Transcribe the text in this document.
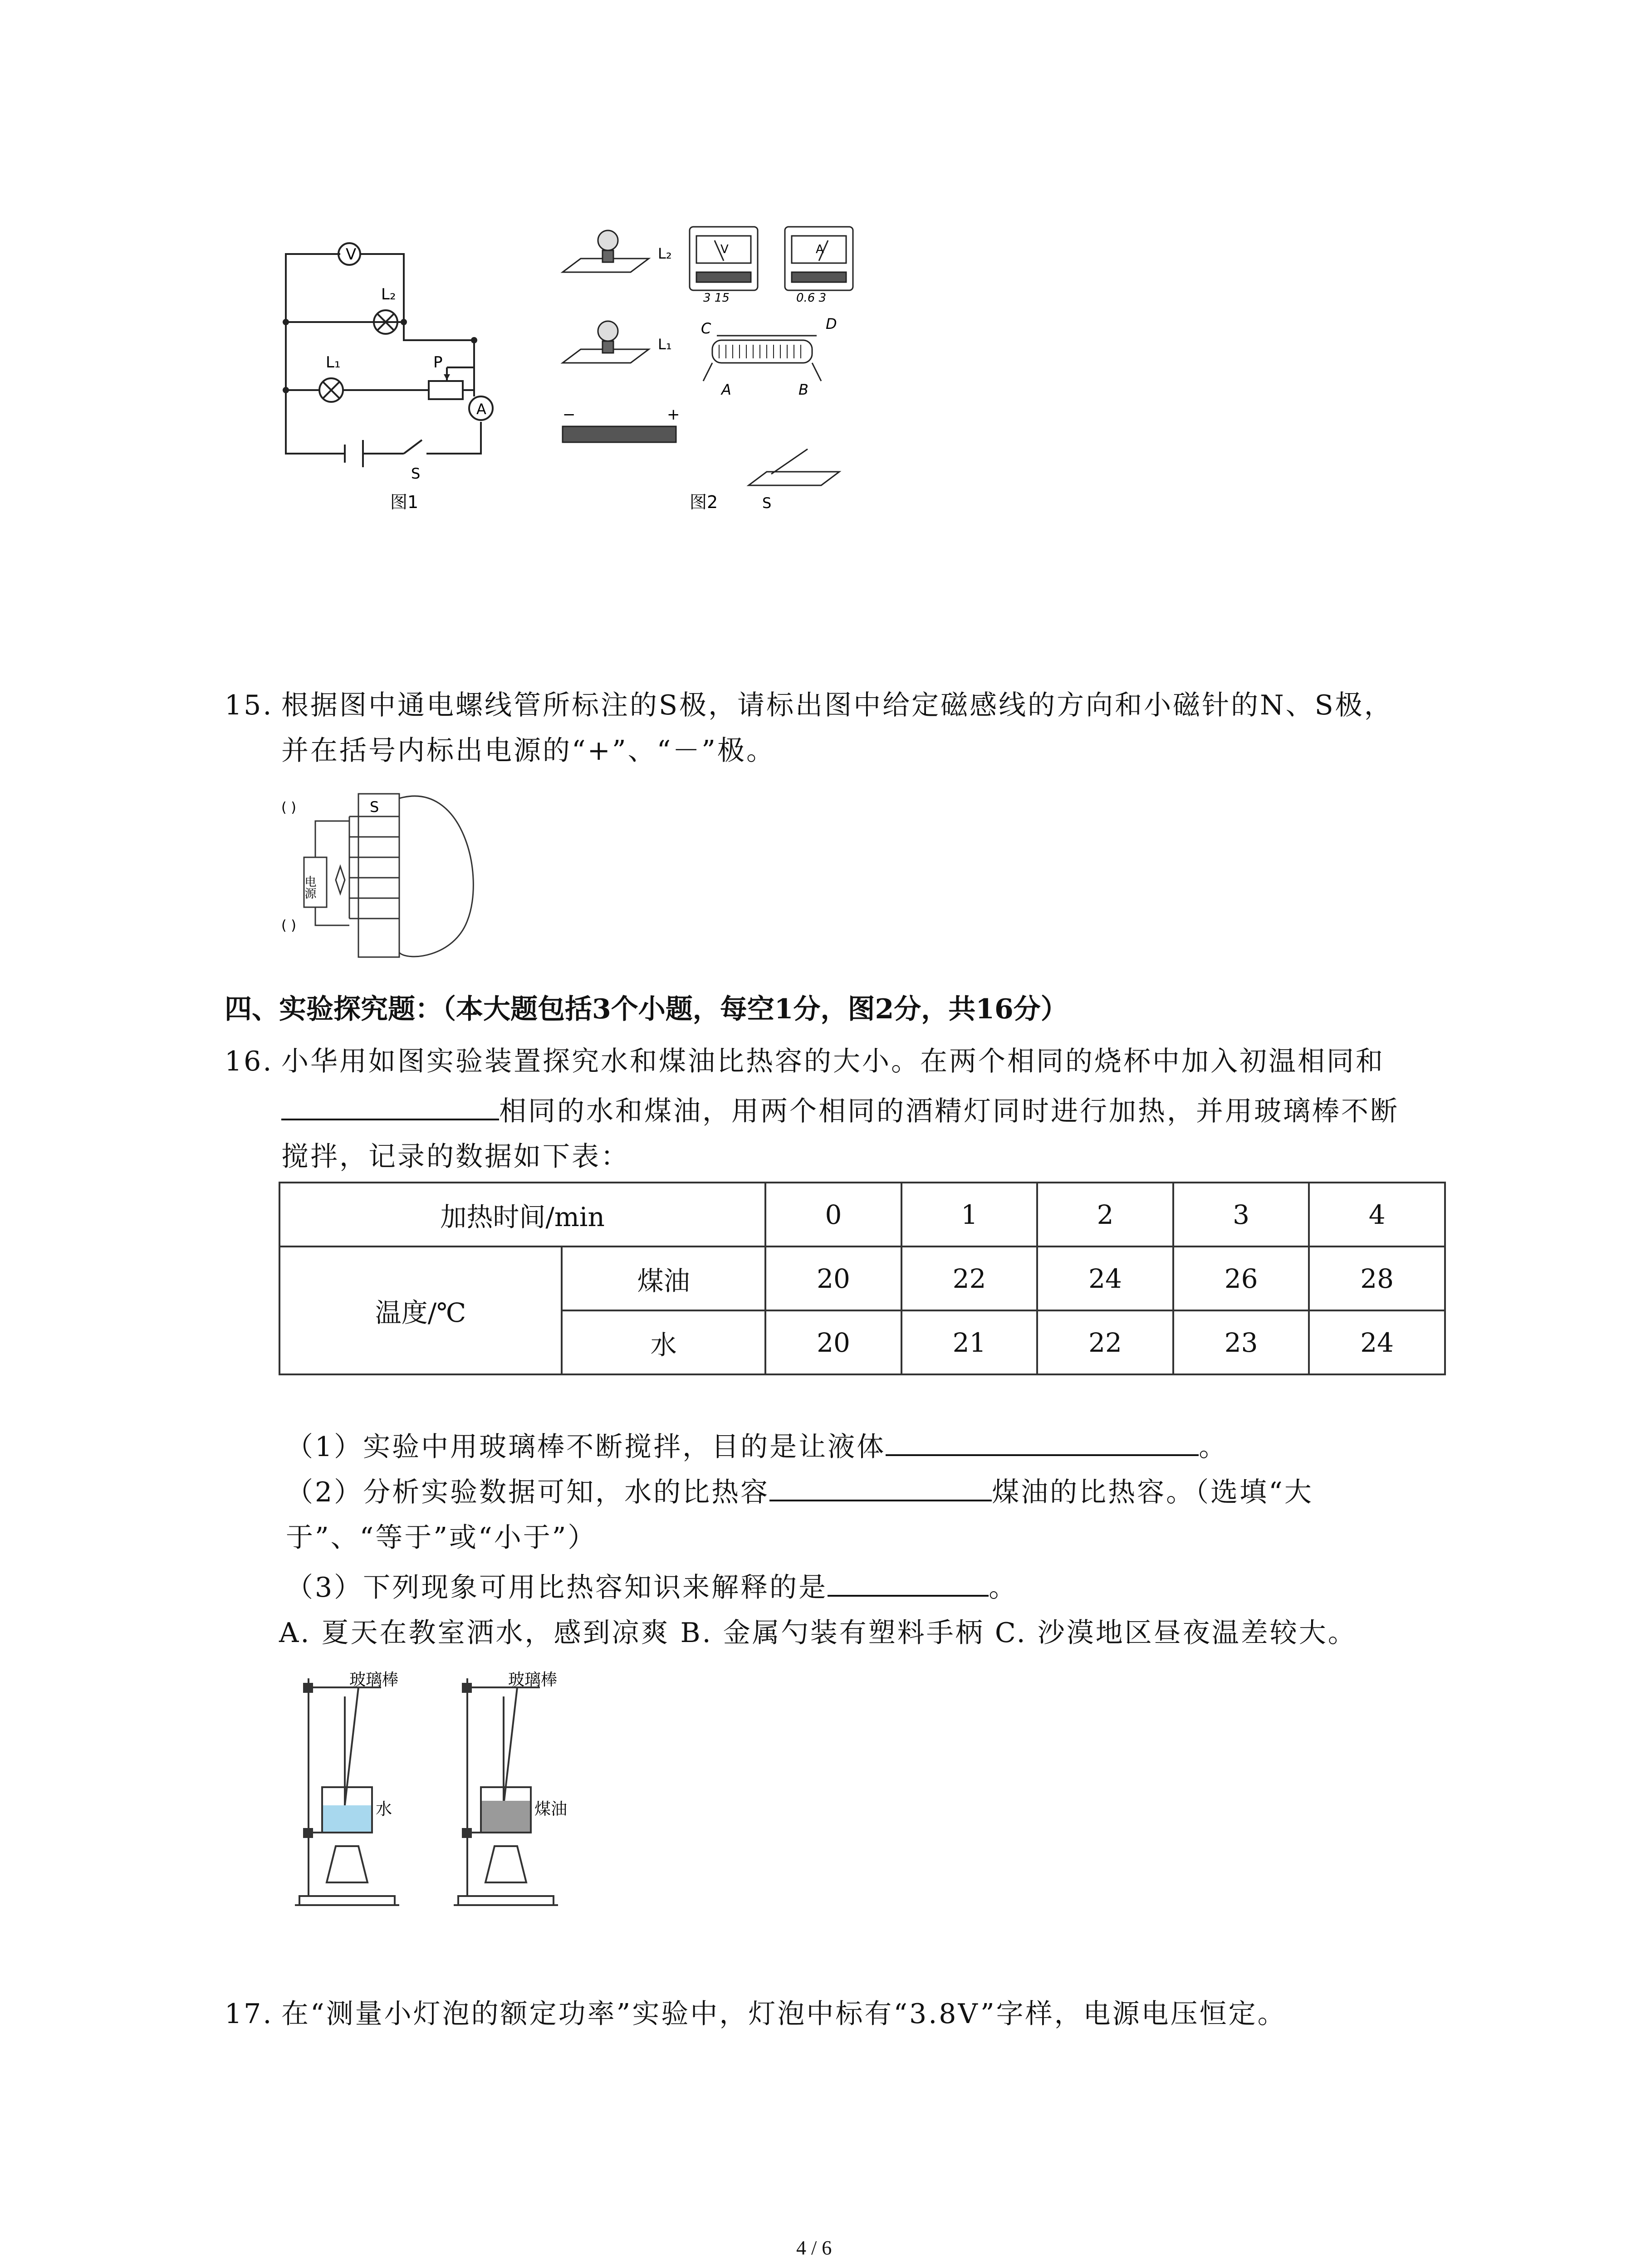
V
L₂
L₁	P
A
S
图1
L₂
L₁
V	A
3 15	0.6 3
C	D
A	B
−	+
S
图2
15. 根据图中通电螺线管所标注的S极，请标出图中给定磁感线的方向和小磁针的N、S极，
并在括号内标出电源的“+”、“－”极。
( )
( )
电源
S
四、实验探究题：（本大题包括3个小题，每空1分，图2分，共16分）
16. 小华用如图实验装置探究水和煤油比热容的大小。在两个相同的烧杯中加入初温相同和
相同的水和煤油，用两个相同的酒精灯同时进行加热，并用玻璃棒不断
搅拌，记录的数据如下表：
加热时间/min		0	1	2	3	4
温度/℃	煤油	20	22	24	26	28
	水	20	21	22	23	24
（1）实验中用玻璃棒不断搅拌，目的是让液体	。
（2）分析实验数据可知，水的比热容	煤油的比热容。（选填“大
于”、“等于”或“小于”）
（3）下列现象可用比热容知识来解释的是	。
A. 夏天在教室洒水，感到凉爽 B. 金属勺装有塑料手柄 C. 沙漠地区昼夜温差较大。
玻璃棒	玻璃棒
水	煤油
17. 在“测量小灯泡的额定功率”实验中，灯泡中标有“3.8V”字样，电源电压恒定。
4 / 6
